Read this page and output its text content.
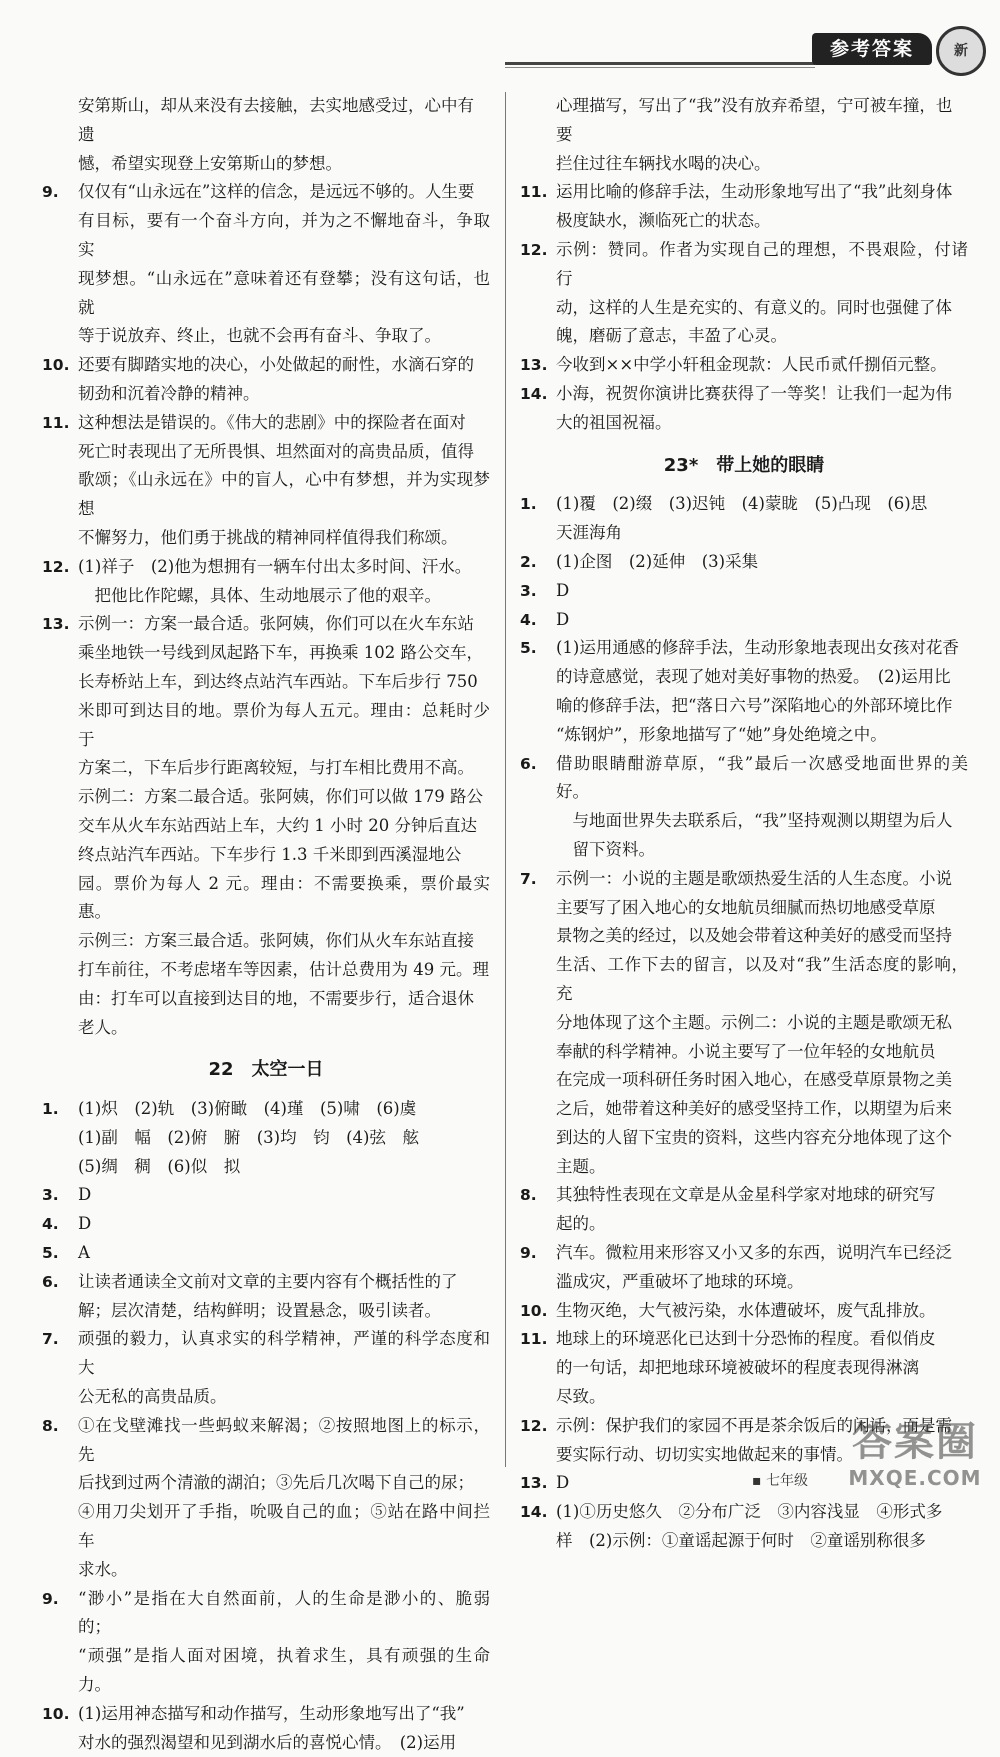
参考答案	新
安第斯山，却从来没有去接触，去实地感受过，心中有遗
憾，希望实现登上安第斯山的梦想。
9.	仅仅有“山永远在”这样的信念，是远远不够的。人生要
有目标，要有一个奋斗方向，并为之不懈地奋斗，争取实
现梦想。“山永远在”意味着还有登攀；没有这句话，也就
等于说放弃、终止，也就不会再有奋斗、争取了。
10. 还要有脚踏实地的决心，小处做起的耐性，水滴石穿的
韧劲和沉着冷静的精神。
11. 这种想法是错误的。《伟大的悲剧》中的探险者在面对
死亡时表现出了无所畏惧、坦然面对的高贵品质，值得
歌颂；《山永远在》中的盲人，心中有梦想，并为实现梦想
不懈努力，他们勇于挑战的精神同样值得我们称颂。
12. (1)祥子　(2)他为想拥有一辆车付出太多时间、汗水。
　把他比作陀螺，具体、生动地展示了他的艰辛。
13. 示例一：方案一最合适。张阿姨，你们可以在火车东站
乘坐地铁一号线到凤起路下车，再换乘 102 路公交车，
长寿桥站上车，到达终点站汽车西站。下车后步行 750
米即可到达目的地。票价为每人五元。理由：总耗时少于
方案二，下车后步行距离较短，与打车相比费用不高。
示例二：方案二最合适。张阿姨，你们可以做 179 路公
交车从火车东站西站上车，大约 1 小时 20 分钟后直达
终点站汽车西站。下车步行 1.3 千米即到西溪湿地公
园。票价为每人 2 元。理由：不需要换乘，票价最实惠。
示例三：方案三最合适。张阿姨，你们从火车东站直接
打车前往，不考虑堵车等因素，估计总费用为 49 元。理
由：打车可以直接到达目的地，不需要步行，适合退休
老人。
22　太空一日
1.	(1)炽　(2)轨　(3)俯瞰　(4)瑾　(5)啸　(6)虞
(1)副　幅　(2)俯　腑　(3)均　钧　(4)弦　舷
(5)绸　稠　(6)似　拟
3.	D
4.	D
5.	A
6.	让读者通读全文前对文章的主要内容有个概括性的了
解；层次清楚，结构鲜明；设置悬念，吸引读者。
7.	顽强的毅力，认真求实的科学精神，严谨的科学态度和大
公无私的高贵品质。
8.	①在戈壁滩找一些蚂蚁来解渴；②按照地图上的标示，先
后找到过两个清澈的湖泊；③先后几次喝下自己的尿；
④用刀尖划开了手指，吮吸自己的血；⑤站在路中间拦车
求水。
9.	“渺小”是指在大自然面前，人的生命是渺小的、脆弱的；
“顽强”是指人面对困境，执着求生，具有顽强的生命力。
10. (1)运用神态描写和动作描写，生动形象地写出了“我”
对水的强烈渴望和见到湖水后的喜悦心情。　(2)运用
心理描写，写出了“我”没有放弃希望，宁可被车撞，也要
拦住过往车辆找水喝的决心。
11. 运用比喻的修辞手法，生动形象地写出了“我”此刻身体
极度缺水，濒临死亡的状态。
12. 示例：赞同。作者为实现自己的理想，不畏艰险，付诸行
动，这样的人生是充实的、有意义的。同时也强健了体
魄，磨砺了意志，丰盈了心灵。
13. 今收到××中学小轩租金现款：人民币贰仟捌佰元整。
14. 小海，祝贺你演讲比赛获得了一等奖！让我们一起为伟
大的祖国祝福。
23*　带上她的眼睛
1.	(1)覆　(2)缀　(3)迟钝　(4)蒙眬　(5)凸现　(6)思
天涯海角
2.	(1)企图　(2)延伸　(3)采集
3.	D
4.	D
5.	(1)运用通感的修辞手法，生动形象地表现出女孩对花香
的诗意感觉，表现了她对美好事物的热爱。　(2)运用比
喻的修辞手法，把“落日六号”深陷地心的外部环境比作
“炼钢炉”，形象地描写了“她”身处绝境之中。
6.	借助眼睛酣游草原，“我”最后一次感受地面世界的美好。
　与地面世界失去联系后，“我”坚持观测以期望为后人
　留下资料。
7.	示例一：小说的主题是歌颂热爱生活的人生态度。小说
主要写了困入地心的女地航员细腻而热切地感受草原
景物之美的经过，以及她会带着这种美好的感受而坚持
生活、工作下去的留言，以及对“我”生活态度的影响，充
分地体现了这个主题。示例二：小说的主题是歌颂无私
奉献的科学精神。小说主要写了一位年轻的女地航员
在完成一项科研任务时困入地心，在感受草原景物之美
之后，她带着这种美好的感受坚持工作，以期望为后来
到达的人留下宝贵的资料，这些内容充分地体现了这个
主题。
8.	其独特性表现在文章是从金星科学家对地球的研究写
起的。
9.	汽车。微粒用来形容又小又多的东西，说明汽车已经泛
滥成灾，严重破坏了地球的环境。
10. 生物灭绝，大气被污染，水体遭破坏，废气乱排放。
11. 地球上的环境恶化已达到十分恐怖的程度。看似俏皮
的一句话，却把地球环境被破坏的程度表现得淋漓
尽致。
12. 示例：保护我们的家园不再是茶余饭后的闲话，而是需
要实际行动、切切实实地做起来的事情。
13. D
14. (1)①历史悠久　②分布广泛　③内容浅显　④形式多
样　(2)示例：①童谣起源于何时　②童谣别称很多
▪ 七年级
答案圈
MXQE.COM
